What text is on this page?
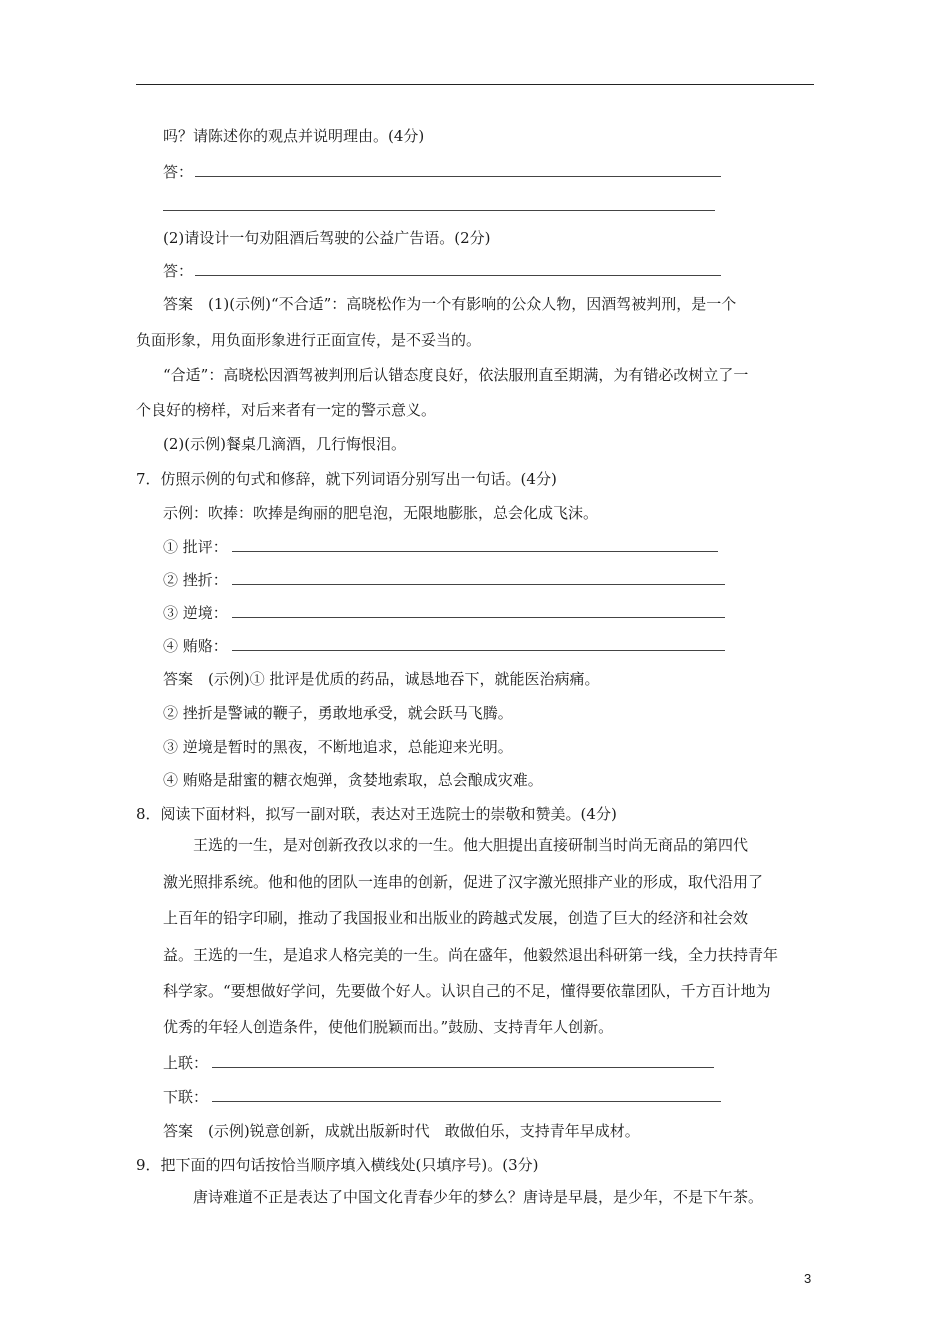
吗？请陈述你的观点并说明理由。(4分)
答：
(2)请设计一句劝阻酒后驾驶的公益广告语。(2分)
答：
答案　(1)(示例)“不合适”：高晓松作为一个有影响的公众人物，因酒驾被判刑，是一个
负面形象，用负面形象进行正面宣传，是不妥当的。
“合适”：高晓松因酒驾被判刑后认错态度良好，依法服刑直至期满，为有错必改树立了一
个良好的榜样，对后来者有一定的警示意义。
(2)(示例)餐桌几滴酒，几行悔恨泪。
7．仿照示例的句式和修辞，就下列词语分别写出一句话。(4分)
示例：吹捧：吹捧是绚丽的肥皂泡，无限地膨胀，总会化成飞沫。
① 批评：
② 挫折：
③ 逆境：
④ 贿赂：
答案　(示例)① 批评是优质的药品，诚恳地吞下，就能医治病痛。
② 挫折是警诫的鞭子，勇敢地承受，就会跃马飞腾。
③ 逆境是暂时的黑夜，不断地追求，总能迎来光明。
④ 贿赂是甜蜜的糖衣炮弹，贪婪地索取，总会酿成灾难。
8．阅读下面材料，拟写一副对联，表达对王选院士的崇敬和赞美。(4分)
王选的一生，是对创新孜孜以求的一生。他大胆提出直接研制当时尚无商品的第四代
激光照排系统。他和他的团队一连串的创新，促进了汉字激光照排产业的形成，取代沿用了
上百年的铅字印刷，推动了我国报业和出版业的跨越式发展，创造了巨大的经济和社会效
益。王选的一生，是追求人格完美的一生。尚在盛年，他毅然退出科研第一线，全力扶持青年
科学家。“要想做好学问，先要做个好人。认识自己的不足，懂得要依靠团队，千方百计地为
优秀的年轻人创造条件，使他们脱颖而出。”鼓励、支持青年人创新。
上联：
下联：
答案　(示例)锐意创新，成就出版新时代　敢做伯乐，支持青年早成材。
9．把下面的四句话按恰当顺序填入横线处(只填序号)。(3分)
唐诗难道不正是表达了中国文化青春少年的梦么？唐诗是早晨，是少年，不是下午茶。
3
